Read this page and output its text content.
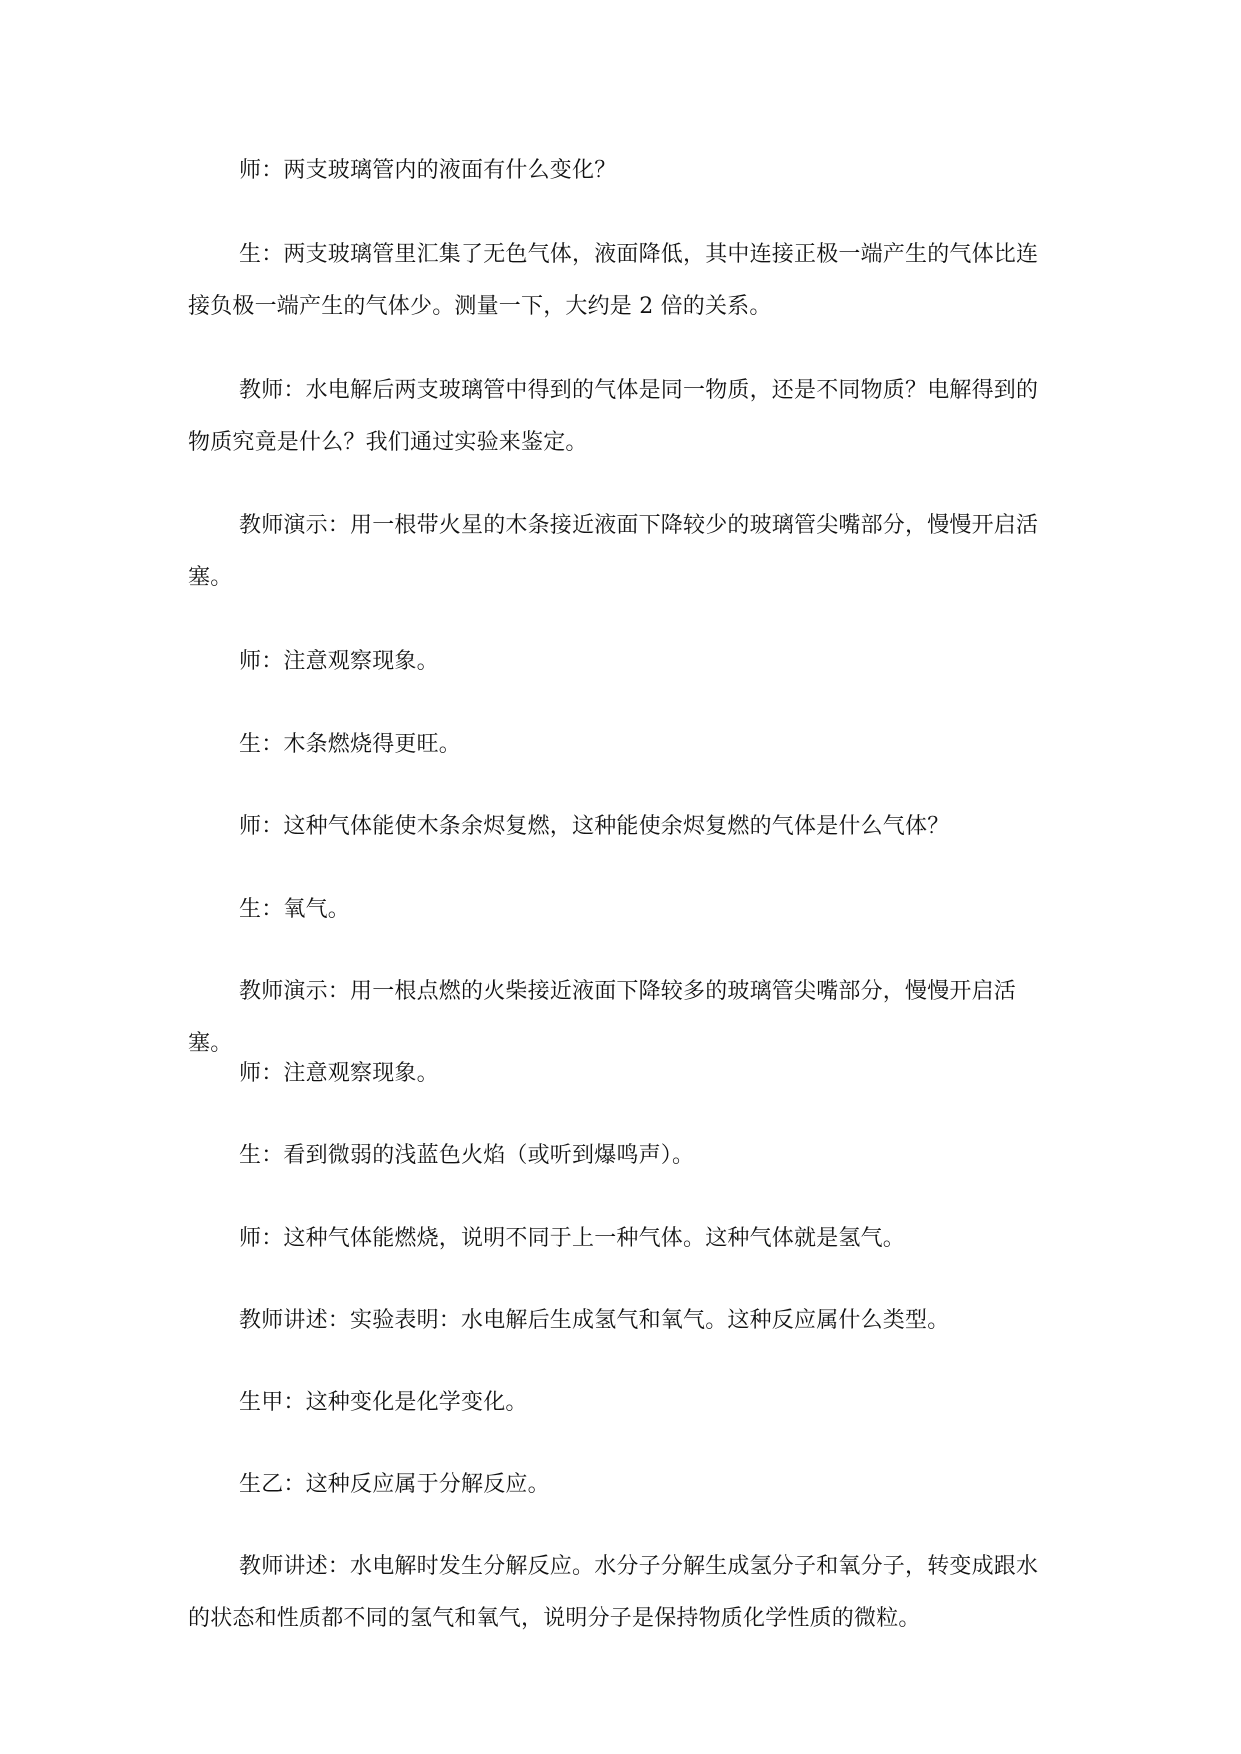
师：两支玻璃管内的液面有什么变化？

生：两支玻璃管里汇集了无色气体，液面降低，其中连接正极一端产生的气体比连接负极一端产生的气体少。测量一下，大约是 2 倍的关系。

教师：水电解后两支玻璃管中得到的气体是同一物质，还是不同物质？电解得到的物质究竟是什么？我们通过实验来鉴定。

教师演示：用一根带火星的木条接近液面下降较少的玻璃管尖嘴部分，慢慢开启活塞。

师：注意观察现象。

生：木条燃烧得更旺。

师：这种气体能使木条余烬复燃，这种能使余烬复燃的气体是什么气体？

生：氧气。

教师演示：用一根点燃的火柴接近液面下降较多的玻璃管尖嘴部分，慢慢开启活塞。

师：注意观察现象。

生：看到微弱的浅蓝色火焰（或听到爆鸣声）。

师：这种气体能燃烧，说明不同于上一种气体。这种气体就是氢气。

教师讲述：实验表明：水电解后生成氢气和氧气。这种反应属什么类型。

生甲：这种变化是化学变化。

生乙：这种反应属于分解反应。

教师讲述：水电解时发生分解反应。水分子分解生成氢分子和氧分子，转变成跟水的状态和性质都不同的氢气和氧气，说明分子是保持物质化学性质的微粒。
